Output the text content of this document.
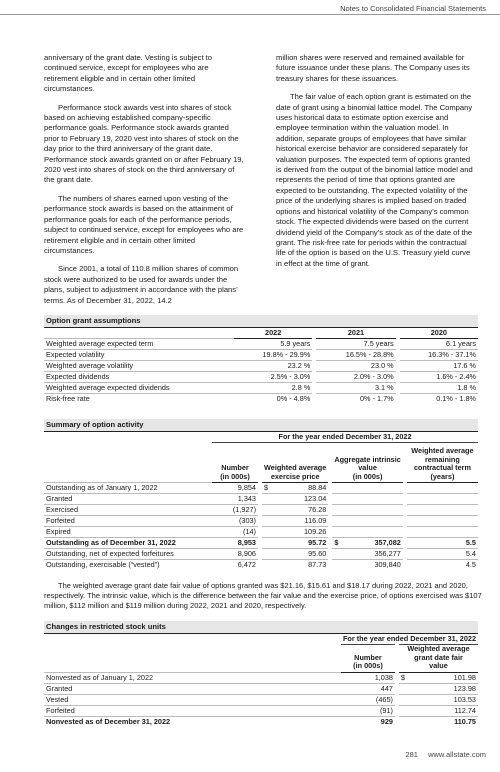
Notes to Consolidated Financial Statements

anniversary of the grant date. Vesting is subject to continued service, except for employees who are retirement eligible and in certain other limited circumstances.

Performance stock awards vest into shares of stock based on achieving established company-specific performance goals. Performance stock awards granted prior to February 19, 2020 vest into shares of stock on the day prior to the third anniversary of the grant date. Performance stock awards granted on or after February 19, 2020 vest into shares of stock on the third anniversary of the grant date.

The numbers of shares earned upon vesting of the performance stock awards is based on the attainment of performance goals for each of the performance periods, subject to continued service, except for employees who are retirement eligible and in certain other limited circumstances.

Since 2001, a total of 110.8 million shares of common stock were authorized to be used for awards under the plans, subject to adjustment in accordance with the plans’ terms. As of December 31, 2022, 14.2

million shares were reserved and remained available for future issuance under these plans. The Company uses its treasury shares for these issuances.

The fair value of each option grant is estimated on the date of grant using a binomial lattice model. The Company uses historical data to estimate option exercise and employee termination within the valuation model. In addition, separate groups of employees that have similar historical exercise behavior are considered separately for valuation purposes. The expected term of options granted is derived from the output of the binomial lattice model and represents the period of time that options granted are expected to be outstanding. The expected volatility of the price of the underlying shares is implied based on traded options and historical volatility of the Company’s common stock. The expected dividends were based on the current dividend yield of the Company’s stock as of the date of the grant. The risk-free rate for periods within the contractual life of the option is based on the U.S. Treasury yield curve in effect at the time of grant.

Option grant assumptions
	2022	2021	2020
Weighted average expected term	5.9 years	7.5 years	6.1 years
Expected volatility	19.8% - 29.9%	16.5% - 28.8%	16.3% - 37.1%
Weighted average volatility	23.2 %	23.0 %	17.6 %
Expected dividends	2.5% - 3.0%	2.0% - 3.0%	1.6% - 2.4%
Weighted average expected dividends	2.8 %	3.1 %	1.8 %
Risk-free rate	0% - 4.8%	0% - 1.7%	0.1% - 1.8%
Summary of option activity
	For the year ended December 31, 2022					

	Number
(in 000s)	Weighted average
exercise price		Aggregate intrinsic
value
(in 000s)		Weighted average
remaining
contractual term
(years)
Outstanding as of January 1, 2022	9,854	$	88.84			
Granted	1,343		123.04			
Exercised	(1,927)		76.28			
Forfeited	(303)		116.09			
Expired	(14)		109.26			
Outstanding as of December 31, 2022	8,953		95.72	$	357,082	5.5
Outstanding, net of expected forfeitures	8,906		95.60		356,277	5.4
Outstanding, exercisable (“vested”)	6,472		87.73		309,840	4.5
The weighted average grant date fair value of options granted was $21.16, $15.61 and $18.17 during 2022, 2021 and 2020, respectively. The intrinsic value, which is the difference between the fair value and the exercise price, of options exercised was $107 million, $112 million and $119 million during 2022, 2021 and 2020, respectively.
Changes in restricted stock units
	For the year ended December 31, 2022		
	Number
(in 000s)	Weighted average
grant date fair
value	
Nonvested as of January 1, 2022	1,038	$	101.98
Granted	447		123.98
Vested	(465)		103.53
Forfeited	(91)		112.74
Nonvested as of December 31, 2022	929		110.75
281 www.allstate.com
